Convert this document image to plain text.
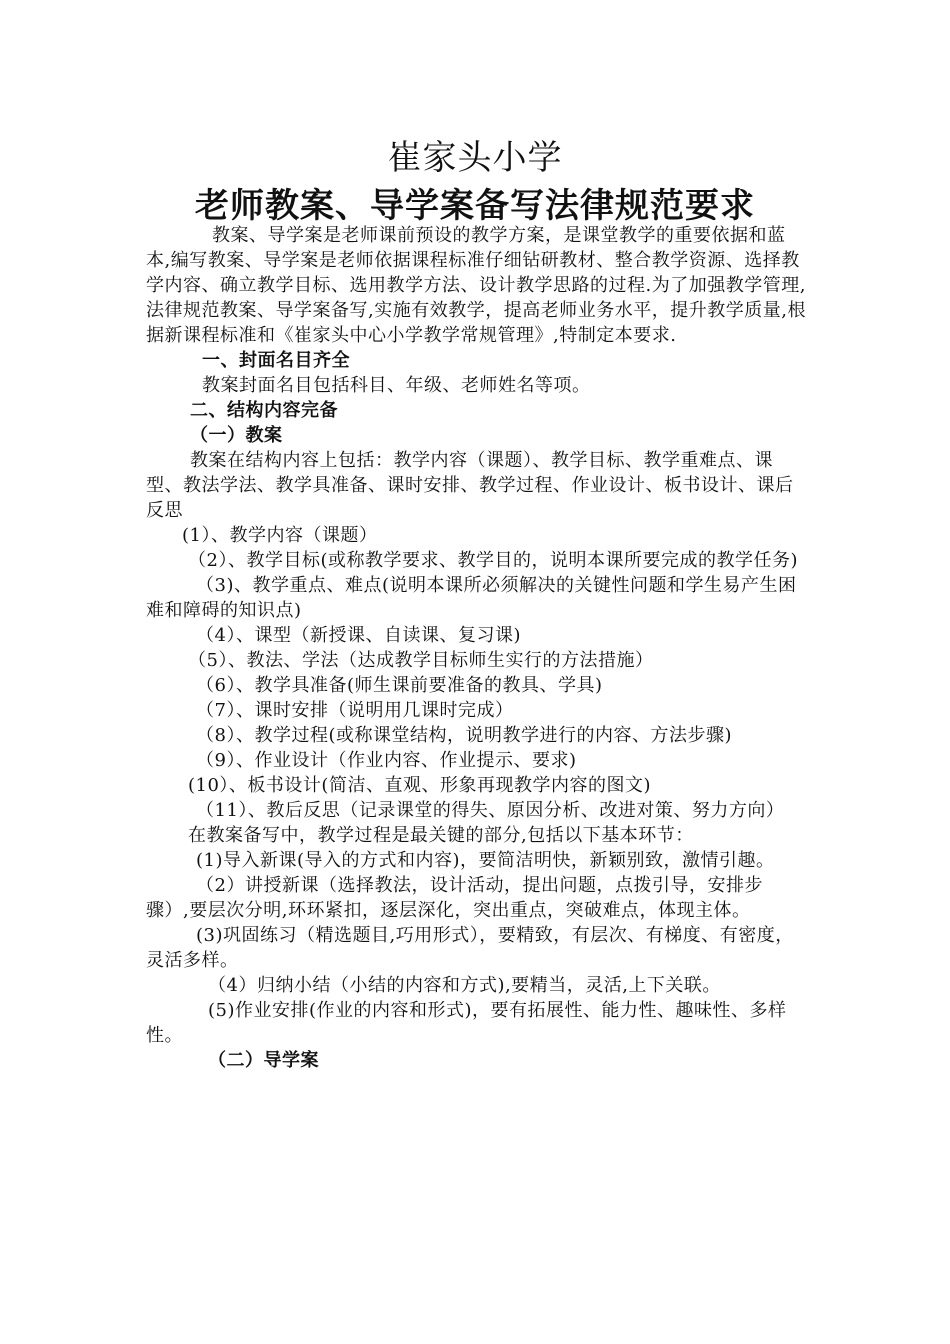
崔家头小学
老师教案、导学案备写法律规范要求

教案、导学案是老师课前预设的教学方案，是课堂教学的重要依据和蓝本,编写教案、导学案是老师依据课程标准仔细钻研教材、整合教学资源、选择教学内容、确立教学目标、选用教学方法、设计教学思路的过程.为了加强教学管理,法律规范教案、导学案备写,实施有效教学，提高老师业务水平，提升教学质量,根据新课程标准和《崔家头中心小学教学常规管理》,特制定本要求.

一、封面名目齐全

教案封面名目包括科目、年级、老师姓名等项。

二、结构内容完备

（一）教案

教案在结构内容上包括：教学内容（课题）、教学目标、教学重难点、课型、教法学法、教学具准备、课时安排、教学过程、作业设计、板书设计、课后反思

(1）、教学内容（课题）

（2）、教学目标(或称教学要求、教学目的，说明本课所要完成的教学任务)

（3)、教学重点、难点(说明本课所必须解决的关键性问题和学生易产生困难和障碍的知识点)

（4）、课型（新授课、自读课、复习课)

（5）、教法、学法（达成教学目标师生实行的方法措施）

（6）、教学具准备(师生课前要准备的教具、学具)

（7）、课时安排（说明用几课时完成）

（8）、教学过程(或称课堂结构，说明教学进行的内容、方法步骤)

（9）、作业设计（作业内容、作业提示、要求)

(10）、板书设计(简洁、直观、形象再现教学内容的图文)

（11）、教后反思（记录课堂的得失、原因分析、改进对策、努力方向）

在教案备写中，教学过程是最关键的部分,包括以下基本环节：

(1)导入新课(导入的方式和内容)，要简洁明快，新颖别致，激情引趣。

（2）讲授新课（选择教法，设计活动，提出问题，点拨引导，安排步骤）,要层次分明,环环紧扣，逐层深化，突出重点，突破难点，体现主体。

(3)巩固练习（精选题目,巧用形式），要精致，有层次、有梯度、有密度，灵活多样。

（4）归纳小结（小结的内容和方式),要精当，灵活,上下关联。

(5)作业安排(作业的内容和形式)，要有拓展性、能力性、趣味性、多样性。

（二）导学案
